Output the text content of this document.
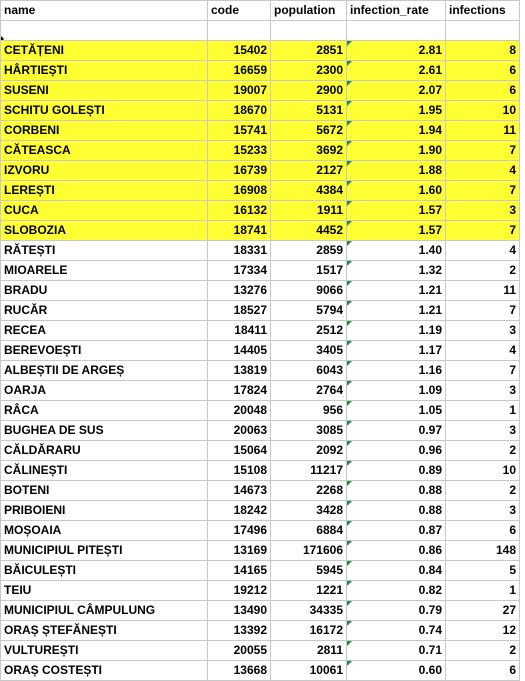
name	code	population	infection_rate	infections

CETĂȚENI	15402	2851	2.81	8
HÂRTIEȘTI	16659	2300	2.61	6
SUSENI	19007	2900	2.07	6
SCHITU GOLEȘTI	18670	5131	1.95	10
CORBENI	15741	5672	1.94	11
CĂTEASCA	15233	3692	1.90	7
IZVORU	16739	2127	1.88	4
LEREȘTI	16908	4384	1.60	7
CUCA	16132	1911	1.57	3
SLOBOZIA	18741	4452	1.57	7
RĂTEȘTI	18331	2859	1.40	4
MIOARELE	17334	1517	1.32	2
BRADU	13276	9066	1.21	11
RUCĂR	18527	5794	1.21	7
RECEA	18411	2512	1.19	3
BEREVOEȘTI	14405	3405	1.17	4
ALBEȘTII DE ARGEȘ	13819	6043	1.16	7
OARJA	17824	2764	1.09	3
RÂCA	20048	956	1.05	1
BUGHEA DE SUS	20063	3085	0.97	3
CĂLDĂRARU	15064	2092	0.96	2
CĂLINEȘTI	15108	11217	0.89	10
BOTENI	14673	2268	0.88	2
PRIBOIENI	18242	3428	0.88	3
MOȘOAIA	17496	6884	0.87	6
MUNICIPIUL PITEȘTI	13169	171606	0.86	148
BĂICULEȘTI	14165	5945	0.84	5
TEIU	19212	1221	0.82	1
MUNICIPIUL CÂMPULUNG	13490	34335	0.79	27
ORAȘ ȘTEFĂNEȘTI	13392	16172	0.74	12
VULTUREȘTI	20055	2811	0.71	2
ORAȘ COSTEȘTI	13668	10061	0.60	6
